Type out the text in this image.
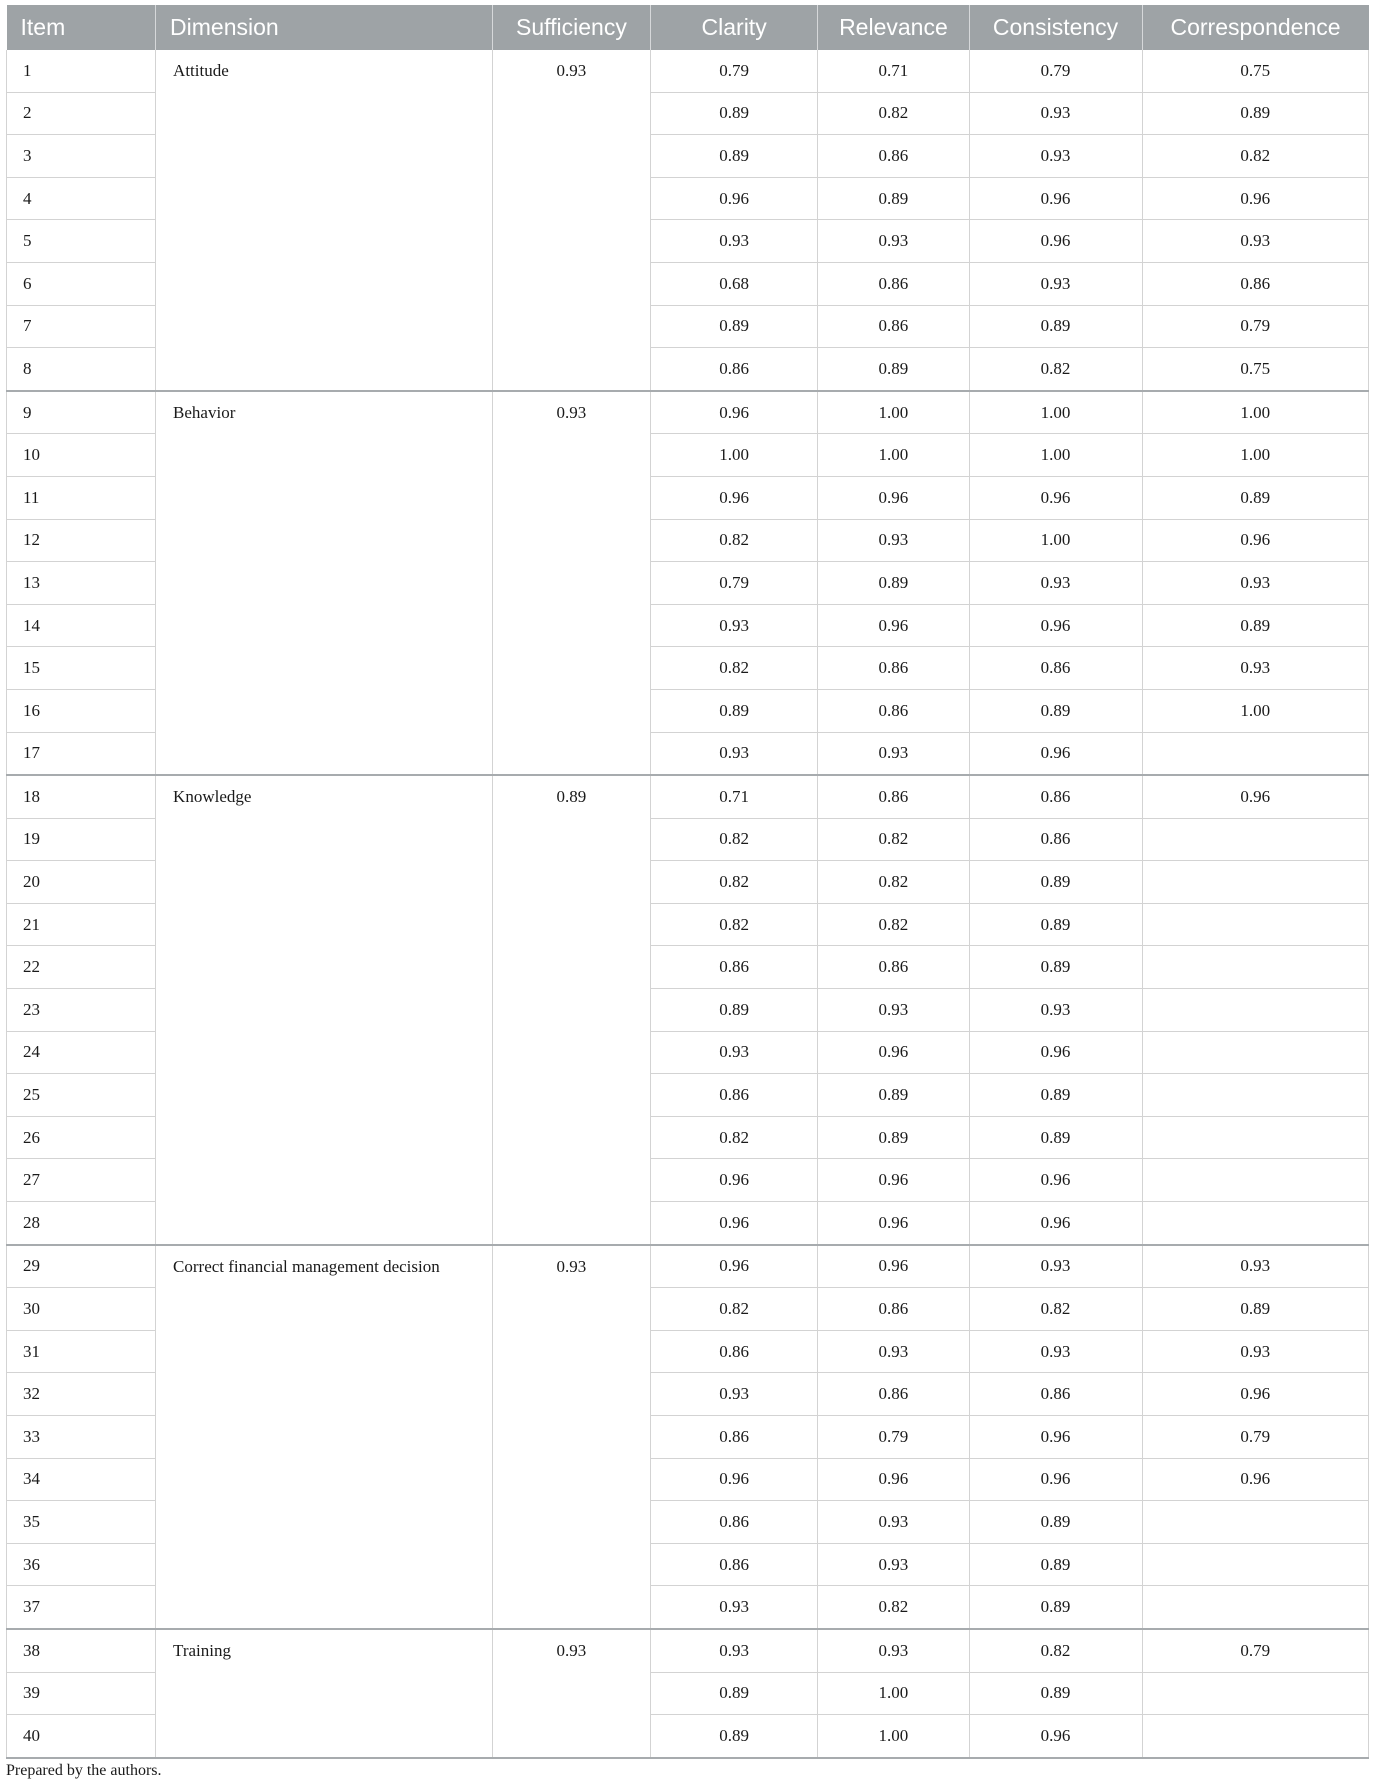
Item	Dimension	Sufficiency	Clarity	Relevance	Consistency	Correspondence
1	Attitude	0.93	0.79	0.71	0.79	0.75
2			0.89	0.82	0.93	0.89
3			0.89	0.86	0.93	0.82
4			0.96	0.89	0.96	0.96
5			0.93	0.93	0.96	0.93
6			0.68	0.86	0.93	0.86
7			0.89	0.86	0.89	0.79
8			0.86	0.89	0.82	0.75
9	Behavior	0.93	0.96	1.00	1.00	1.00
10			1.00	1.00	1.00	1.00
11			0.96	0.96	0.96	0.89
12			0.82	0.93	1.00	0.96
13			0.79	0.89	0.93	0.93
14			0.93	0.96	0.96	0.89
15			0.82	0.86	0.86	0.93
16			0.89	0.86	0.89	1.00
17			0.93	0.93	0.96	
18	Knowledge	0.89	0.71	0.86	0.86	0.96
19			0.82	0.82	0.86	
20			0.82	0.82	0.89	
21			0.82	0.82	0.89	
22			0.86	0.86	0.89	
23			0.89	0.93	0.93	
24			0.93	0.96	0.96	
25			0.86	0.89	0.89	
26			0.82	0.89	0.89	
27			0.96	0.96	0.96	
28			0.96	0.96	0.96	
29	Correct financial management decision	0.93	0.96	0.96	0.93	0.93
30			0.82	0.86	0.82	0.89
31			0.86	0.93	0.93	0.93
32			0.93	0.86	0.86	0.96
33			0.86	0.79	0.96	0.79
34			0.96	0.96	0.96	0.96
35			0.86	0.93	0.89	
36			0.86	0.93	0.89	
37			0.93	0.82	0.89	
38	Training	0.93	0.93	0.93	0.82	0.79
39			0.89	1.00	0.89	
40			0.89	1.00	0.96	
Prepared by the authors.
